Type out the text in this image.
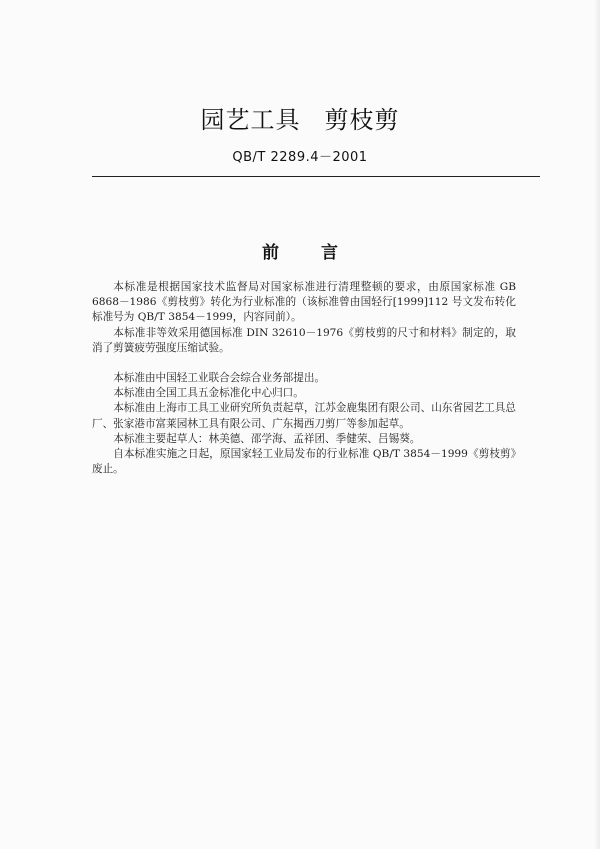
园艺工具 剪枝剪
QB/T 2289.4－2001
前 言

本标准是根据国家技术监督局对国家标准进行清理整顿的要求，由原国家标准 GB 6868－1986《剪枝剪》转化为行业标准的（该标准曾由国轻行[1999]112 号文发布转化标准号为 QB/T 3854－1999，内容同前）。

本标准非等效采用德国标准 DIN 32610－1976《剪枝剪的尺寸和材料》制定的，取消了剪簧疲劳强度压缩试验。

本标准由中国轻工业联合会综合业务部提出。

本标准由全国工具五金标准化中心归口。

本标准由上海市工具工业研究所负责起草，江苏金鹿集团有限公司、山东省园艺工具总厂、张家港市富莱园林工具有限公司、广东揭西刀剪厂等参加起草。

本标准主要起草人：林美德、邵学海、孟祥团、季健荣、吕锡葵。

自本标准实施之日起，原国家轻工业局发布的行业标准 QB/T 3854－1999《剪枝剪》废止。
